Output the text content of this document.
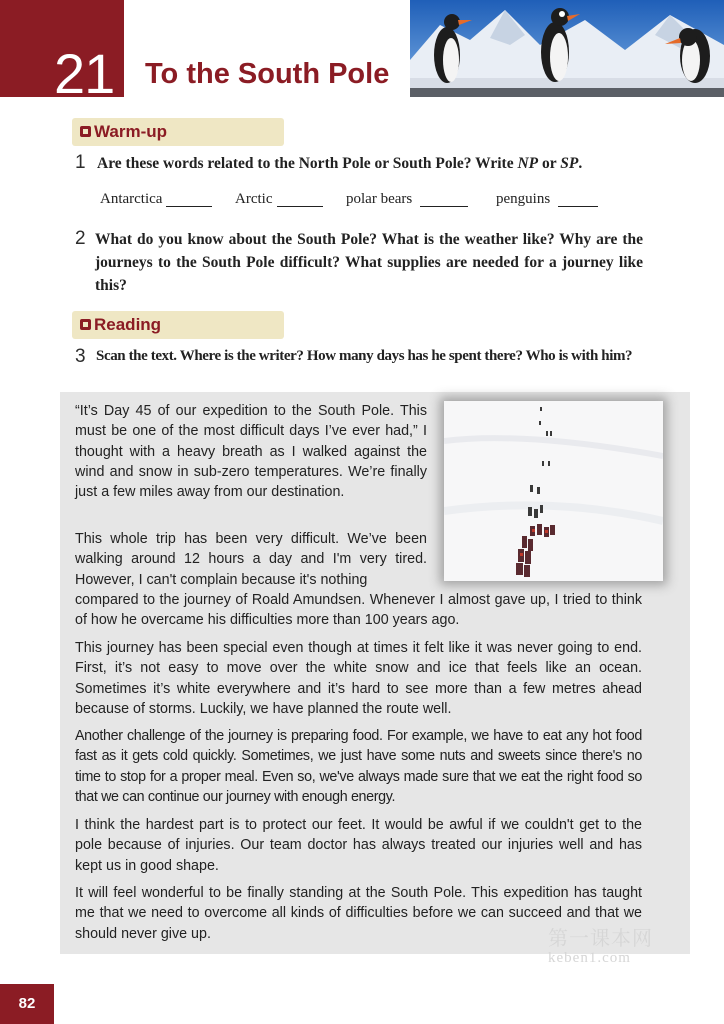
21 To the South Pole
Warm-up
1 Are these words related to the North Pole or South Pole? Write NP or SP.
Antarctica	Arctic	polar bears	penguins
2 What do you know about the South Pole? What is the weather like? Why are the journeys to the South Pole difficult? What supplies are needed for a journey like this?
Reading
3 Scan the text. Where is the writer? How many days has he spent there? Who is with him?
“It’s Day 45 of our expedition to the South Pole. This must be one of the most difficult days I’ve ever had,” I thought with a heavy breath as I walked against the wind and snow in sub-zero temperatures. We’re finally just a few miles away from our destination.
This whole trip has been very difficult. We’ve been walking around 12 hours a day and I'm very tired. However, I can't complain because it's nothing
compared to the journey of Roald Amundsen. Whenever I almost gave up, I tried to think of how he overcame his difficulties more than 100 years ago.
This journey has been special even though at times it felt like it was never going to end. First, it’s not easy to move over the white snow and ice that feels like an ocean. Sometimes it’s white everywhere and it’s hard to see more than a few metres ahead because of storms. Luckily, we have planned the route well.
Another challenge of the journey is preparing food. For example, we have to eat any hot food fast as it gets cold quickly. Sometimes, we just have some nuts and sweets since there's no time to stop for a proper meal. Even so, we've always made sure that we eat the right food so that we can continue our journey with enough energy.
I think the hardest part is to protect our feet. It would be awful if we couldn't get to the pole because of injuries. Our team doctor has always treated our injuries well and has kept us in good shape.
It will feel wonderful to be finally standing at the South Pole. This expedition has taught me that we need to overcome all kinds of difficulties before we can succeed and that we should never give up.	第一课本网
keben1.com
82
